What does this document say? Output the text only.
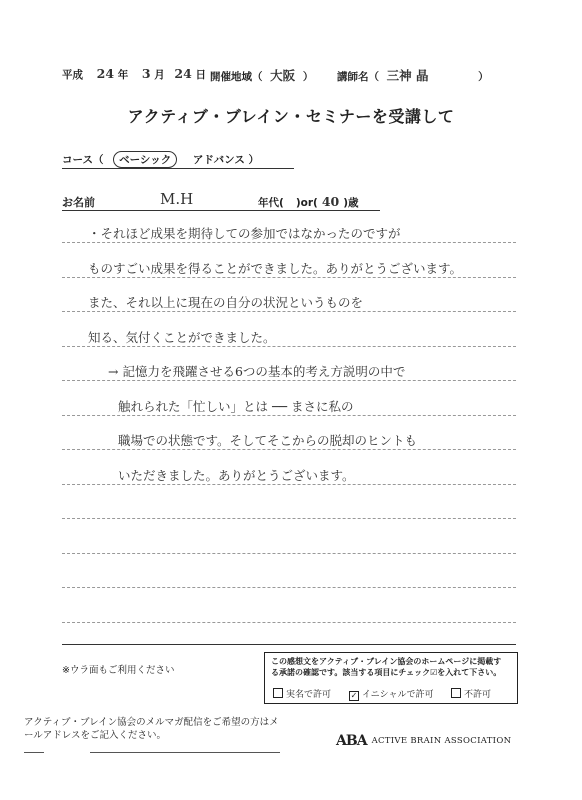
平成 24 年 3 月 24 日 開催地域（ 大阪 ） 講師名（ 三神 晶	）
アクティブ・ブレイン・セミナーを受講して
コース（ ベーシック アドバンス ）
お名前	M.H	年代( )or( 40 )歳
・それほど成果を期待しての参加ではなかったのですが
ものすごい成果を得ることができました。ありがとうございます。
また、それ以上に現在の自分の状況というものを
知る、気付くことができました。
→ 記憶力を飛躍させる6つの基本的考え方説明の中で
触れられた「忙しい」とは ── まさに私の
職場での状態です。そしてそこからの脱却のヒントも
いただきました。ありがとうございます。
※ウラ面もご利用ください
この感想文をアクティブ・ブレイン協会のホームページに掲載する承諾の確認です。該当する項目にチェック☑を入れて下さい。
実名で許可 ✓ イニシャルで許可	不許可
アクティブ・ブレイン協会のメルマガ配信をご希望の方はメールアドレスをご記入ください。	ABA ACTIVE BRAIN ASSOCIATION
